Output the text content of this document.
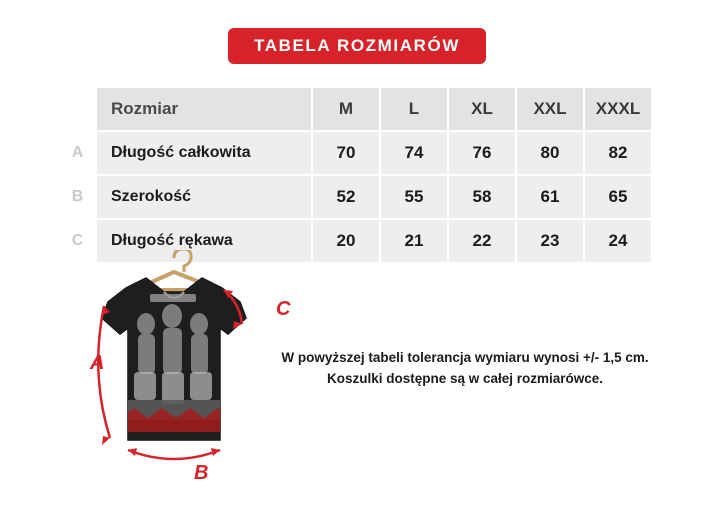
TABELA ROZMIARÓW
	Rozmiar	M	L	XL	XXL	XXXL
A	Długość całkowita	70	74	76	80	82
B	Szerokość	52	55	58	61	65
C	Długość rękawa	20	21	22	23	24
A
B
C
W powyższej tabeli tolerancja wymiaru wynosi +/- 1,5 cm.
Koszulki dostępne są w całej rozmiarówce.
